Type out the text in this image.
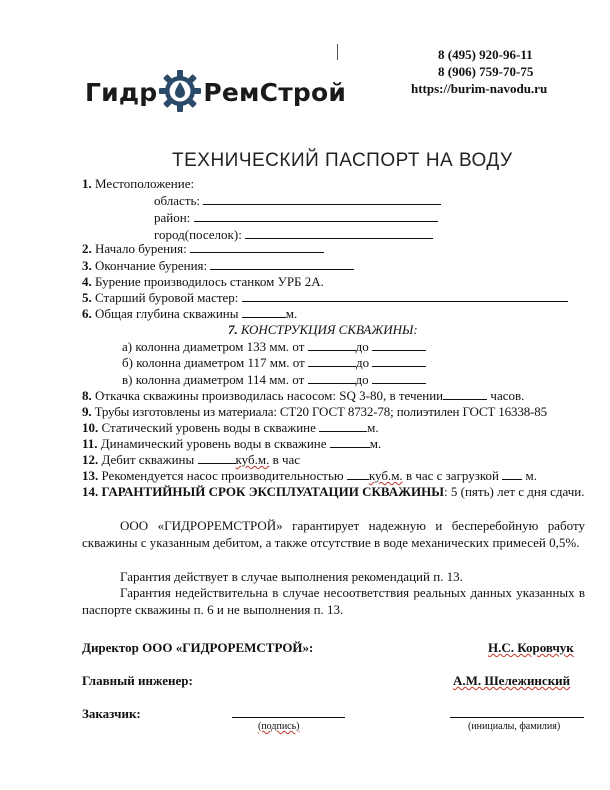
Гидр РемСтрой
8 (495) 920-96-11
8 (906) 759-70-75
https://burim-navodu.ru
ТЕХНИЧЕСКИЙ ПАСПОРТ НА ВОДУ
1. Местоположение:
область:
район:
город(поселок):
2. Начало бурения:
3. Окончание бурения:
4. Бурение производилось станком УРБ 2А.
5. Старший буровой мастер:
6. Общая глубина скважины	м.
7. КОНСТРУКЦИЯ СКВАЖИНЫ:
а) колонна диаметром 133 мм. от	до
б) колонна диаметром 117 мм. от	до
в) колонна диаметром 114 мм. от	до
8. Откачка скважины производилась насосом: SQ 3-80, в течении	часов.
9. Трубы изготовлены из материала: СТ20 ГОСТ 8732-78; полиэтилен ГОСТ 16338-85
10. Статический уровень воды в скважине	м.
11. Динамический уровень воды в скважине	м.
12. Дебит скважины	куб.м. в час
13. Рекомендуется насос производительностью куб.м. в час с загрузкой м.
14. ГАРАНТИЙНЫЙ СРОК ЭКСПЛУАТАЦИИ СКВАЖИНЫ: 5 (пять) лет с дня сдачи.
ООО «ГИДРОРЕМСТРОЙ» гарантирует надежную и бесперебойную работу скважины с указанным дебитом, а также отсутствие в воде механических примесей 0,5%.
Гарантия действует в случае выполнения рекомендаций п. 13.
Гарантия недействительна в случае несоответствия реальных данных указанных в паспорте скважины п. 6 и не выполнения п. 13.
Директор ООО «ГИДРОРЕМСТРОЙ»:	Н.С. Коровчук
Главный инженер:	А.М. Шележинский
Заказчик:
(подпись)	(инициалы, фамилия)
